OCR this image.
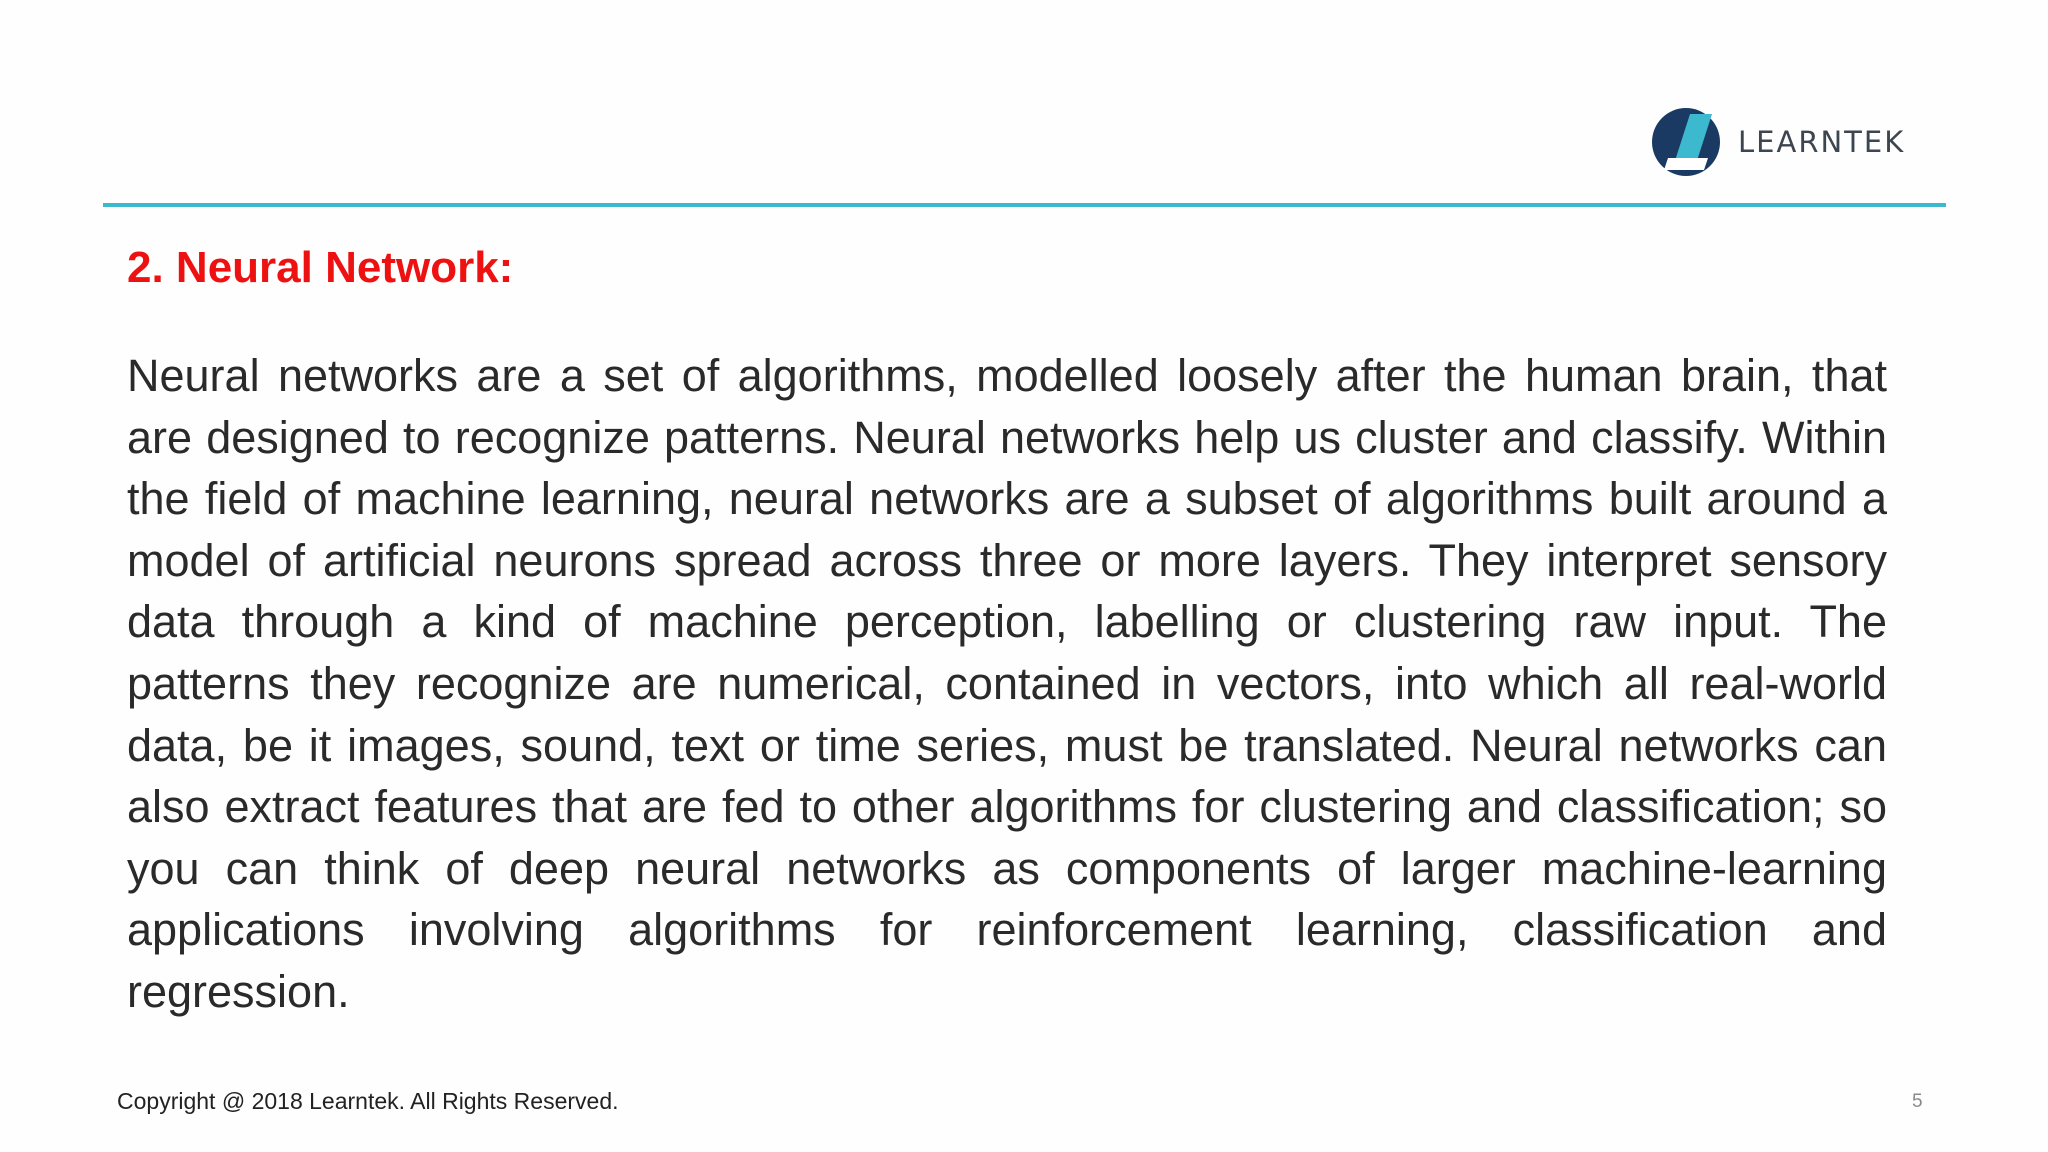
LEARNTEK
2. Neural Network:

Neural networks are a set of algorithms, modelled loosely after the human brain, that are designed to recognize patterns. Neural networks help us cluster and classify. Within the field of machine learning, neural networks are a subset of algorithms built around a model of artificial neurons spread across three or more layers. They interpret sensory data through a kind of machine perception, labelling or clustering raw input. The patterns they recognize are numerical, contained in vectors, into which all real-world data, be it images, sound, text or time series, must be translated. Neural networks can also extract features that are fed to other algorithms for clustering and classification; so you can think of deep neural networks as components of larger machine-learning applications involving algorithms for reinforcement learning, classification and regression.

Copyright @ 2018 Learntek. All Rights Reserved.	5
